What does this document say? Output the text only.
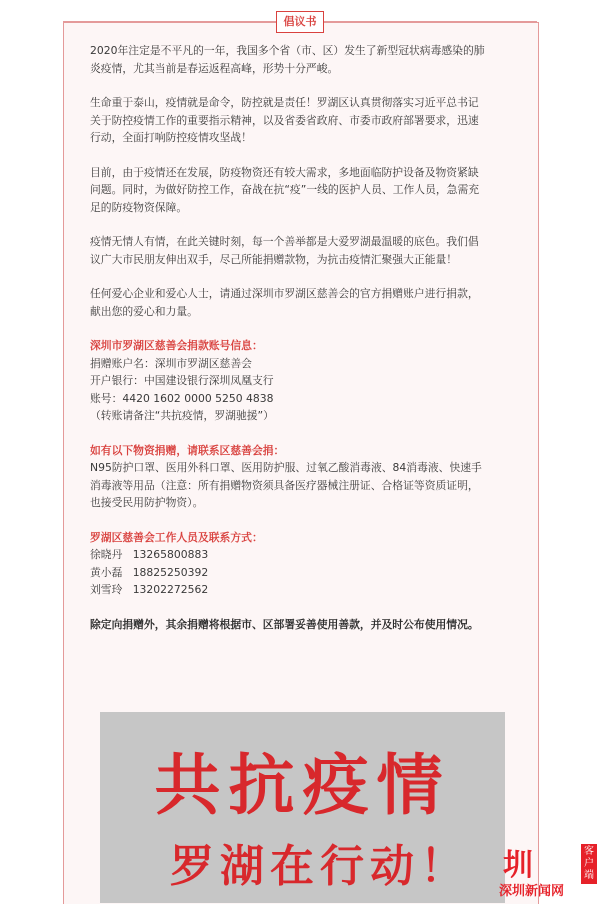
倡议书

2020年注定是不平凡的一年，我国多个省（市、区）发生了新型冠状病毒感染的肺
炎疫情，尤其当前是春运返程高峰，形势十分严峻。

生命重于泰山，疫情就是命令，防控就是责任！罗湖区认真贯彻落实习近平总书记
关于防控疫情工作的重要指示精神，以及省委省政府、市委市政府部署要求，迅速
行动，全面打响防控疫情攻坚战！

目前，由于疫情还在发展，防疫物资还有较大需求，多地面临防护设备及物资紧缺
问题。同时，为做好防控工作，奋战在抗“疫”一线的医护人员、工作人员，急需充
足的防疫物资保障。

疫情无情人有情，在此关键时刻，每一个善举都是大爱罗湖最温暖的底色。我们倡
议广大市民朋友伸出双手，尽己所能捐赠款物，为抗击疫情汇聚强大正能量！

任何爱心企业和爱心人士，请通过深圳市罗湖区慈善会的官方捐赠账户进行捐款，
献出您的爱心和力量。

深圳市罗湖区慈善会捐款账号信息：
捐赠账户名：深圳市罗湖区慈善会
开户银行：中国建设银行深圳凤凰支行
账号：4420 1602 0000 5250 4838
（转账请备注“共抗疫情，罗湖驰援”）

如有以下物资捐赠，请联系区慈善会捐：
N95防护口罩、医用外科口罩、医用防护服、过氧乙酸消毒液、84消毒液、快速手
消毒液等用品（注意：所有捐赠物资须具备医疗器械注册证、合格证等资质证明，
也接受民用防护物资）。

罗湖区慈善会工作人员及联系方式：
徐晓丹 13265800883
黄小磊 18825250392
刘雪玲 13202272562

除定向捐赠外，其余捐赠将根据市、区部署妥善使用善款，并及时公布使用情况。

共抗疫情
罗湖在行动！	圳
深圳新闻网
客户端
